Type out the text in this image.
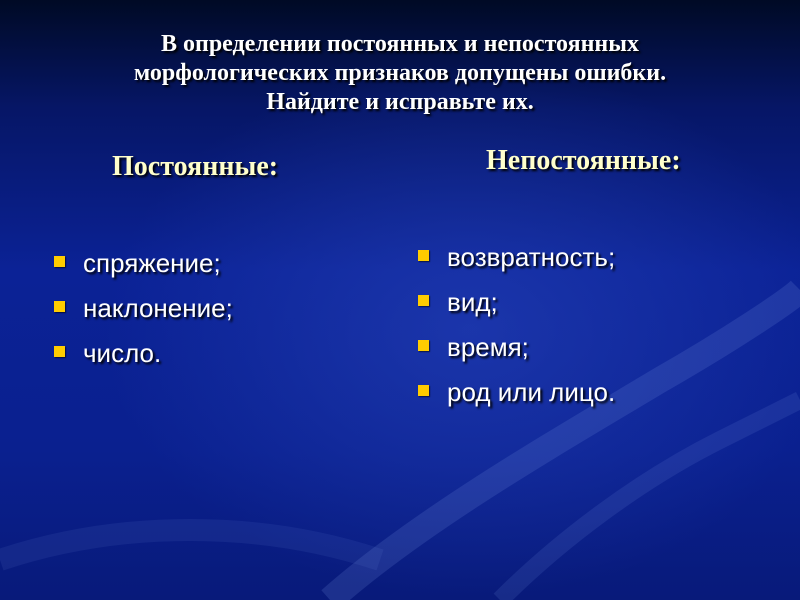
В определении постоянных и непостоянных
морфологических признаков допущены ошибки.
Найдите и исправьте их.
Постоянные:	Непостоянные:
спряжение;
наклонение;
число.
возвратность;
вид;
время;
род или лицо.
